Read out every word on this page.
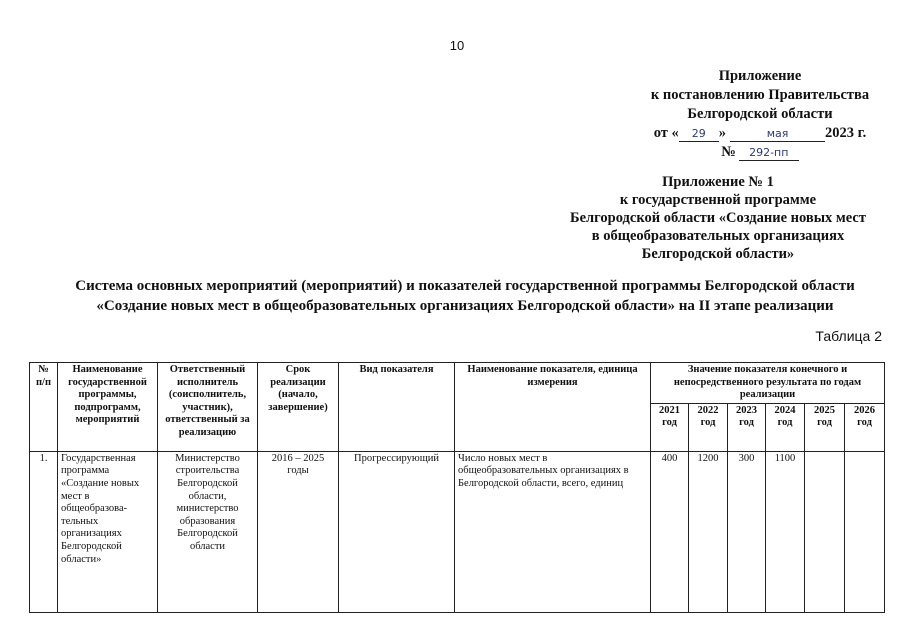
10
Приложение
к постановлению Правительства
Белгородской области
от « 29 »	мая	2023 г.
№ 292-пп
Приложение № 1
к государственной программе
Белгородской области «Создание новых мест
в общеобразовательных организациях
Белгородской области»
Система основных мероприятий (мероприятий) и показателей государственной программы Белгородской области
«Создание новых мест в общеобразовательных организациях Белгородской области» на II этапе реализации
Таблица 2
№ п/п	Наименование государственной программы, подпрограмм, мероприятий	Ответственный исполнитель (соисполнитель, участник), ответственный за реализацию	Срок реализации (начало, завершение)	Вид показателя	Наименование показателя, единица измерения	Значение показателя конечного и непосредственного результата по годам реализации					
						2021 год	2022 год	2023 год	2024 год	2025 год	2026 год
1.	Государственная программа «Создание новых мест в общеобразова-тельных организациях Белгородской области»	Министерство строительства Белгородской области, министерство образования Белгородской области	2016 – 2025 годы	Прогрессирующий	Число новых мест в общеобразовательных организациях в Белгородской области, всего, единиц	400	1200	300	1100		
